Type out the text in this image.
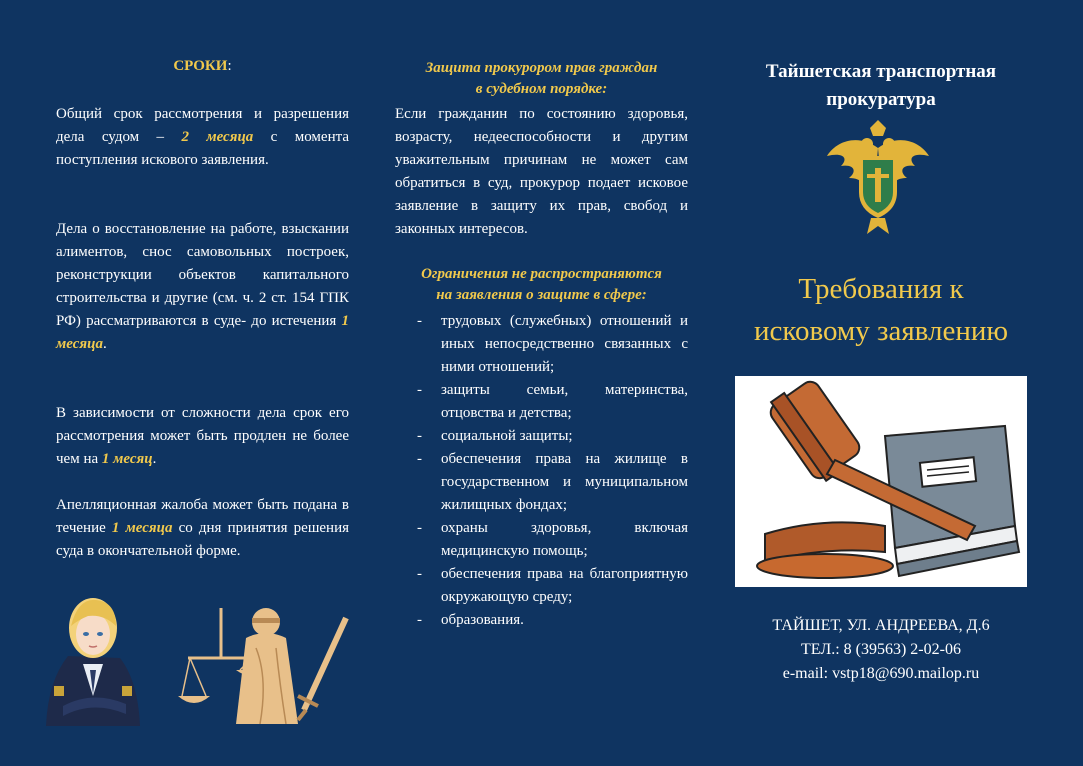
СРОКИ:

Общий срок рассмотрения и разрешения дела судом – 2 месяца с момента поступления искового заявления.

Дела о восстановление на работе, взыскании алиментов, снос самовольных построек, реконструкции объектов капитального строительства и другие (см. ч. 2 ст. 154 ГПК РФ) рассматриваются в суде- до истечения 1 месяца.

В зависимости от сложности дела срок его рассмотрения может быть продлен не более чем на 1 месяц.

Апелляционная жалоба может быть подана в течение 1 месяца со дня принятия решения суда в окончательной форме.

Защита прокурором прав граждан
в судебном порядке:

Если гражданин по состоянию здоровья, возрасту, недееспособности и другим уважительным причинам не может сам обратиться в суд, прокурор подает исковое заявление в защиту их прав, свобод и законных интересов.

Ограничения не распространяются
на заявления о защите в сфере:
- трудовых (служебных) отношений и иных непосредственно связанных с ними отношений;
- защиты семьи, материнства, отцовства и детства;
- социальной защиты;
- обеспечения права на жилище в государственном и муниципальном жилищных фондах;
- охраны здоровья, включая медицинскую помощь;
- обеспечения права на благоприятную окружающую среду;
- образования.
Тайшетская транспортная
прокуратура
Требования к
исковому заявлению
ТАЙШЕТ, УЛ. АНДРЕЕВА, Д.6
ТЕЛ.: 8 (39563) 2-02-06
e-mail: vstp18@690.mailop.ru
